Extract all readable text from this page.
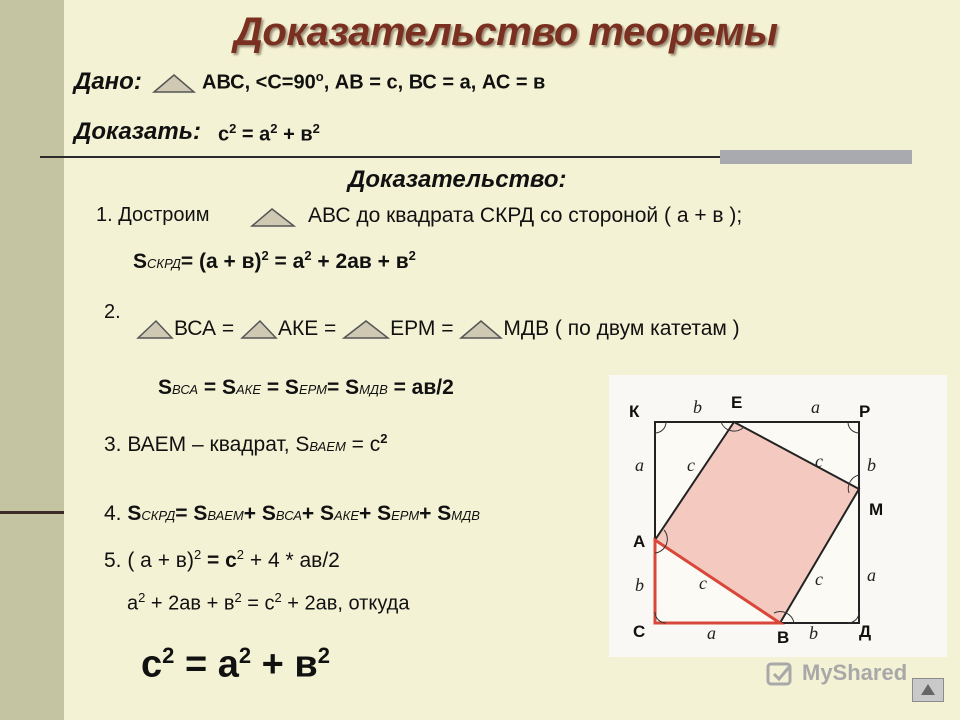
Доказательство теоремы
Дано:	АВС, $<С=90^o$, АВ = с, ВС = а, АС = в
Доказать: $с^2 = а^2 + в^2$
Доказательство:
1. Достроим	АВС до квадрата СКРД со стороной ( а + в );
SСКРД= $(а + в)^2 = а^2 + 2ав + в^2$
2.
ВСА = АКЕ = ЕРМ = МДВ ( по двум катетам )
SВСА = SАКЕ = SЕРМ= SМДВ = ав/2
3. ВАЕМ – квадрат, SВАЕМ = $с^2$
4. SСКРД= SВАЕМ+ SВСА+ SАКЕ+ SЕРМ+ SМДВ
5. ( $а + в)^2 = с^2 + 4 * ав/2$
$а^2 + 2ав + в^2 = с^2 + 2ав$, откуда
$с^2 = а^2 + в^2$
b	a
a c	c b
b	c	c a
a	b
К	Е	Р
М
А
С	В	Д
MyShared
